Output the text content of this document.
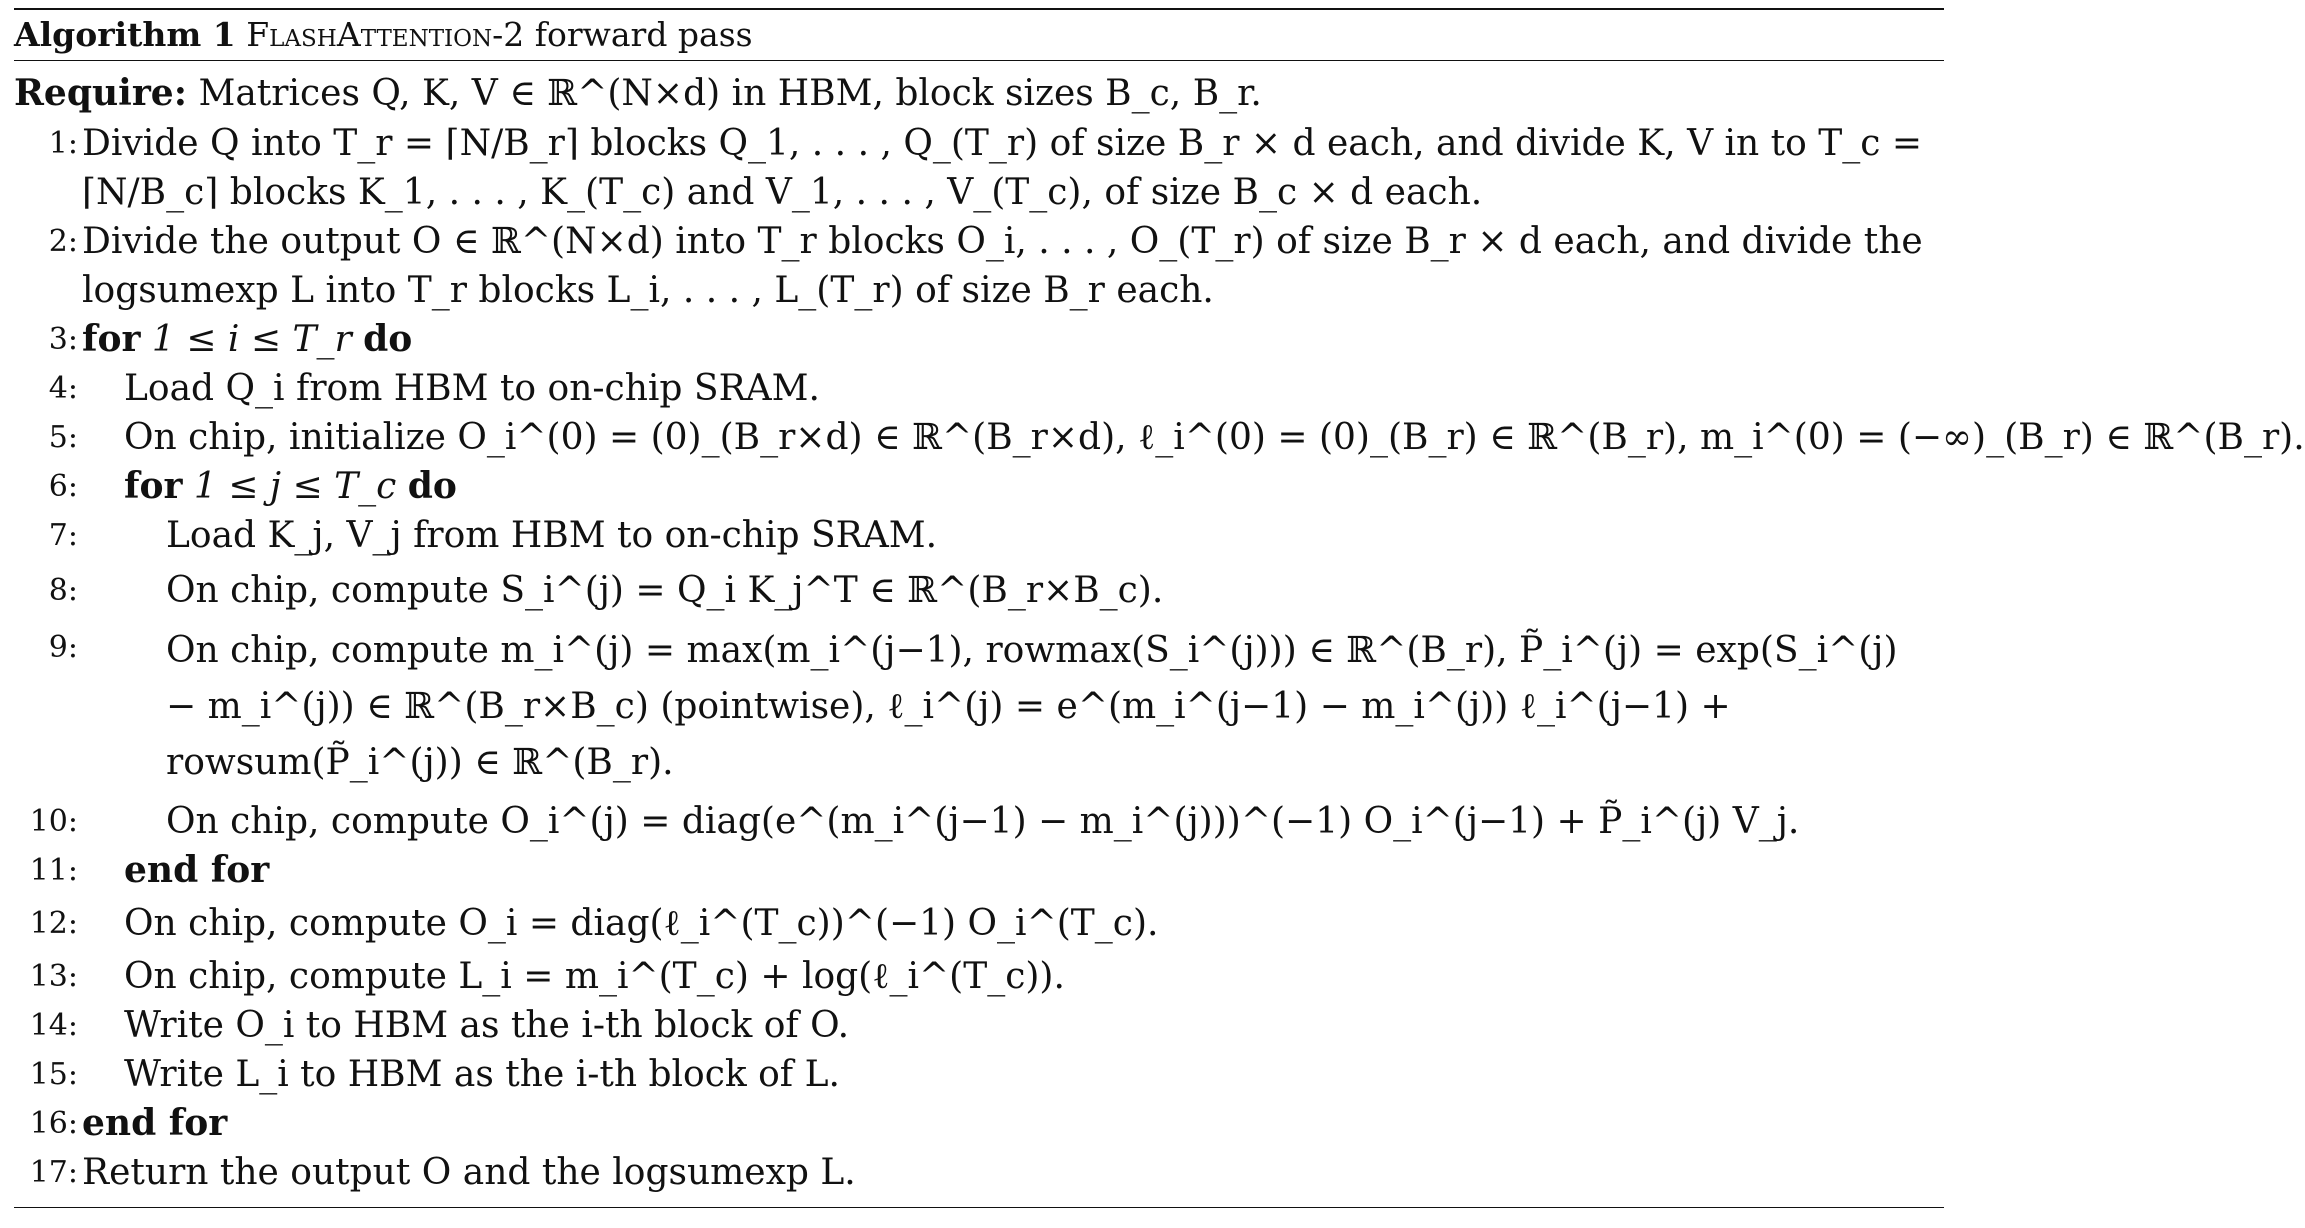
Algorithm 1 FlashAttention-2 forward pass
Require: Matrices Q, K, V ∈ ℝ^(N×d) in HBM, block sizes B_c, B_r.
1: Divide Q into T_r = ⌈N/B_r⌉ blocks Q_1, . . . , Q_(T_r) of size B_r × d each, and divide K, V in to T_c = ⌈N/B_c⌉ blocks K_1, . . . , K_(T_c) and V_1, . . . , V_(T_c), of size B_c × d each.
2: Divide the output O ∈ ℝ^(N×d) into T_r blocks O_i, . . . , O_(T_r) of size B_r × d each, and divide the logsumexp L into T_r blocks L_i, . . . , L_(T_r) of size B_r each.
3: for 1 ≤ i ≤ T_r do
4: Load Q_i from HBM to on-chip SRAM.
5: On chip, initialize O_i^(0) = (0)_(B_r×d) ∈ ℝ^(B_r×d), ℓ_i^(0) = (0)_(B_r) ∈ ℝ^(B_r), m_i^(0) = (−∞)_(B_r) ∈ ℝ^(B_r).
6: for 1 ≤ j ≤ T_c do
7: Load K_j, V_j from HBM to on-chip SRAM.
8: On chip, compute S_i^(j) = Q_i K_j^T ∈ ℝ^(B_r×B_c).
9: On chip, compute m_i^(j) = max(m_i^(j−1), rowmax(S_i^(j))) ∈ ℝ^(B_r), P̃_i^(j) = exp(S_i^(j) − m_i^(j)) ∈ ℝ^(B_r×B_c) (pointwise), ℓ_i^(j) = e^(m_i^(j−1) − m_i^(j)) ℓ_i^(j−1) + rowsum(P̃_i^(j)) ∈ ℝ^(B_r).
10: On chip, compute O_i^(j) = diag(e^(m_i^(j−1) − m_i^(j)))^(−1) O_i^(j−1) + P̃_i^(j) V_j.
11: end for
12: On chip, compute O_i = diag(ℓ_i^(T_c))^(−1) O_i^(T_c).
13: On chip, compute L_i = m_i^(T_c) + log(ℓ_i^(T_c)).
14: Write O_i to HBM as the i-th block of O.
15: Write L_i to HBM as the i-th block of L.
16: end for
17: Return the output O and the logsumexp L.
